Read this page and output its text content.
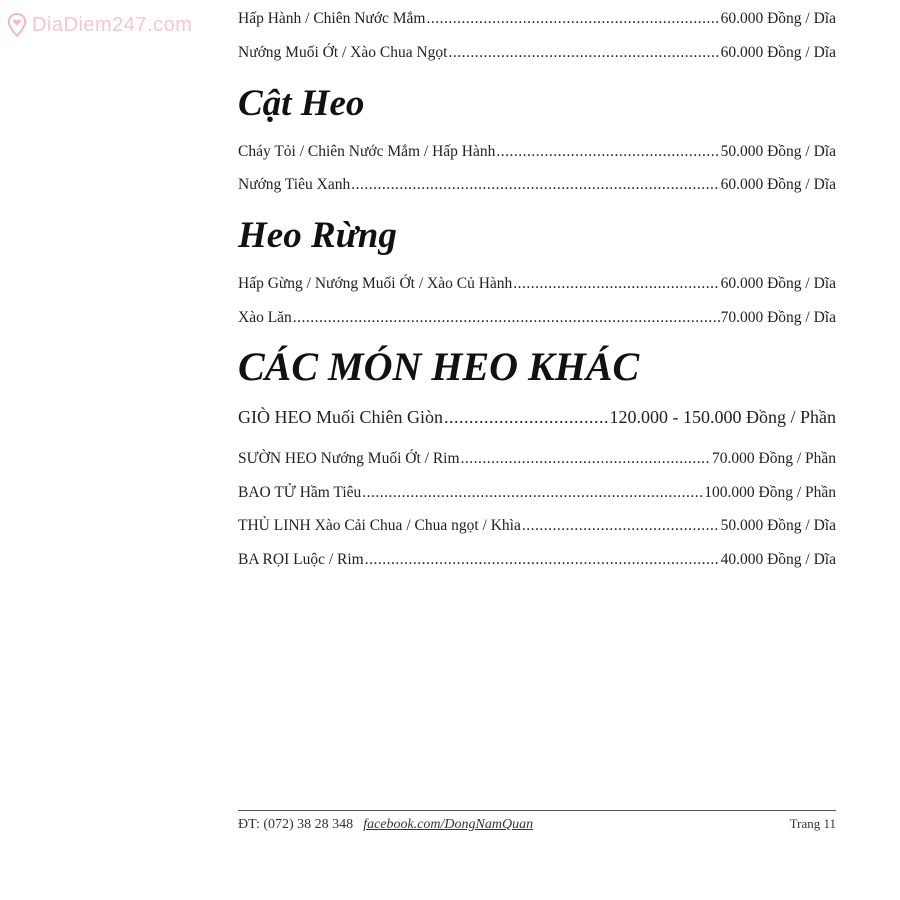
DiaDiem247.com	Hấp Hành / Chiên Nước Mắm .....	60.000 Đồng / Dĩa
Nướng Muối Ớt / Xào Chua Ngọt .....	60.000 Đồng / Dĩa
Cật Heo
Cháy Tỏi / Chiên Nước Mắm / Hấp Hành .....	50.000 Đồng / Dĩa
Nướng Tiêu Xanh .....	60.000 Đồng / Dĩa
Heo Rừng
Hấp Gừng / Nướng Muối Ớt / Xào Củ Hành .....	60.000 Đồng / Dĩa
Xào Lăn .....	70.000 Đồng / Dĩa
CÁC MÓN HEO KHÁC
GIÒ HEO Muối Chiên Giòn .....	120.000 - 150.000 Đồng / Phần
SƯỜN HEO Nướng Muối Ớt / Rim .....	70.000 Đồng / Phần
BAO TỬ Hầm Tiêu .....	100.000 Đồng / Phần
THỦ LINH Xào Cải Chua / Chua ngọt / Khìa .....	50.000 Đồng / Dĩa
BA RỌI Luộc / Rim .....	40.000 Đồng / Dĩa
ĐT: (072) 38 28 348 facebook.com/DongNamQuan	Trang 11
